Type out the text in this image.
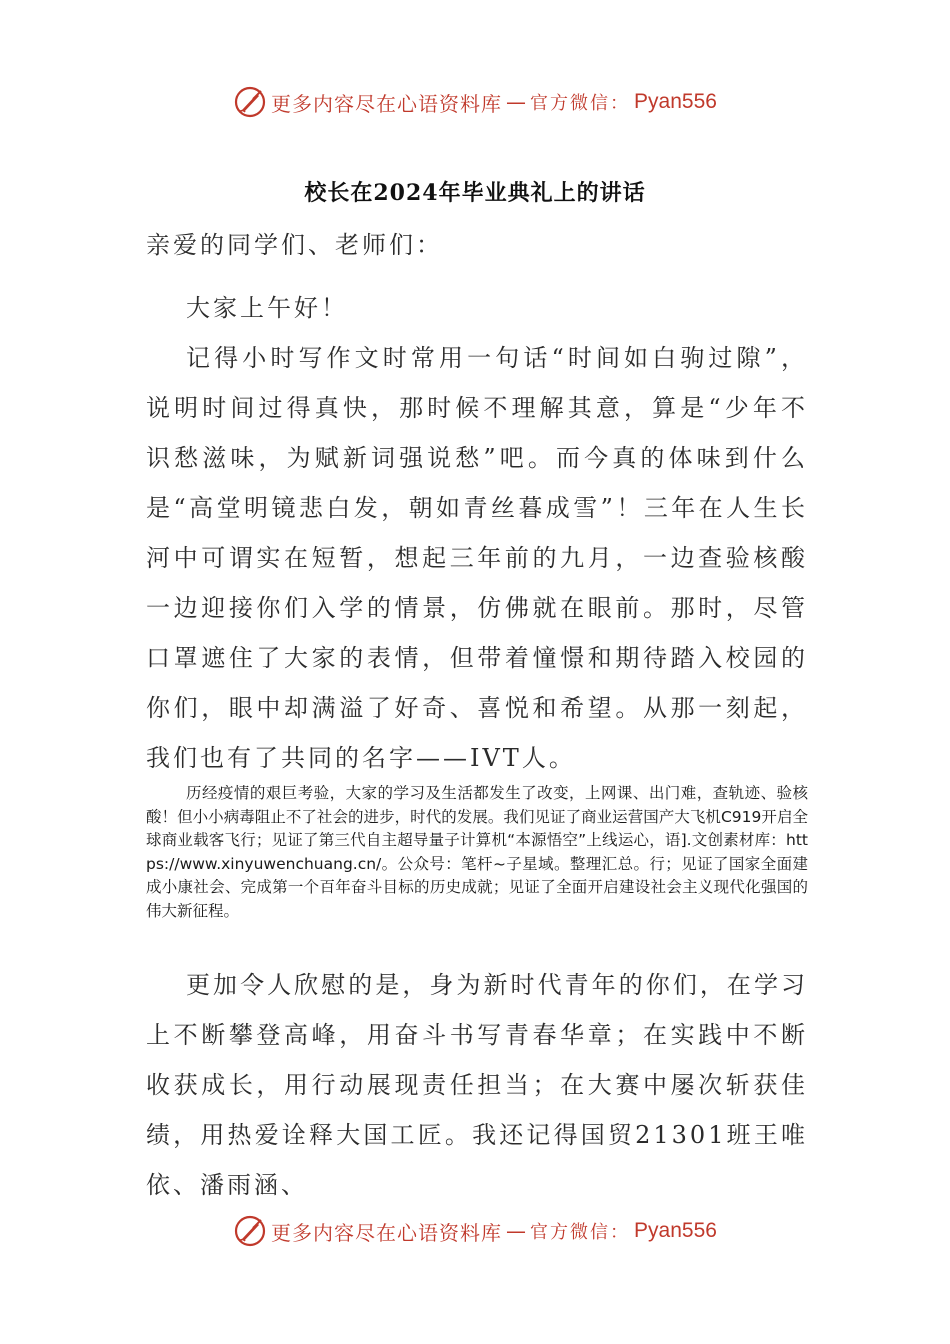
更多内容尽在心语资料库 — 官方微信： Pyan556
校长在2024年毕业典礼上的讲话

亲爱的同学们、老师们：

大家上午好！

记得小时写作文时常用一句话“时间如白驹过隙”，说明时间过得真快，那时候不理解其意，算是“少年不识愁滋味，为赋新词强说愁”吧。而今真的体味到什么是“高堂明镜悲白发，朝如青丝暮成雪”！三年在人生长河中可谓实在短暂，想起三年前的九月，一边查验核酸一边迎接你们入学的情景，仿佛就在眼前。那时，尽管口罩遮住了大家的表情，但带着憧憬和期待踏入校园的你们，眼中却满溢了好奇、喜悦和希望。从那一刻起，我们也有了共同的名字——IVT人。

历经疫情的艰巨考验，大家的学习及生活都发生了改变，上网课、出门难，查轨迹、验核酸！但小小病毒阻止不了社会的进步，时代的发展。我们见证了商业运营国产大飞机C919开启全球商业载客飞行；见证了第三代自主超导量子计算机“本源悟空”上线运心，语].文创素材库：https://www.xinyuwenchuang.cn/。公众号：笔杆~子星域。整理汇总。行；见证了国家全面建成小康社会、完成第一个百年奋斗目标的历史成就；见证了全面开启建设社会主义现代化强国的伟大新征程。

更加令人欣慰的是，身为新时代青年的你们，在学习上不断攀登高峰，用奋斗书写青春华章；在实践中不断收获成长，用行动展现责任担当；在大赛中屡次斩获佳绩，用热爱诠释大国工匠。我还记得国贸21301班王唯依、潘雨涵、

更多内容尽在心语资料库 — 官方微信： Pyan556
